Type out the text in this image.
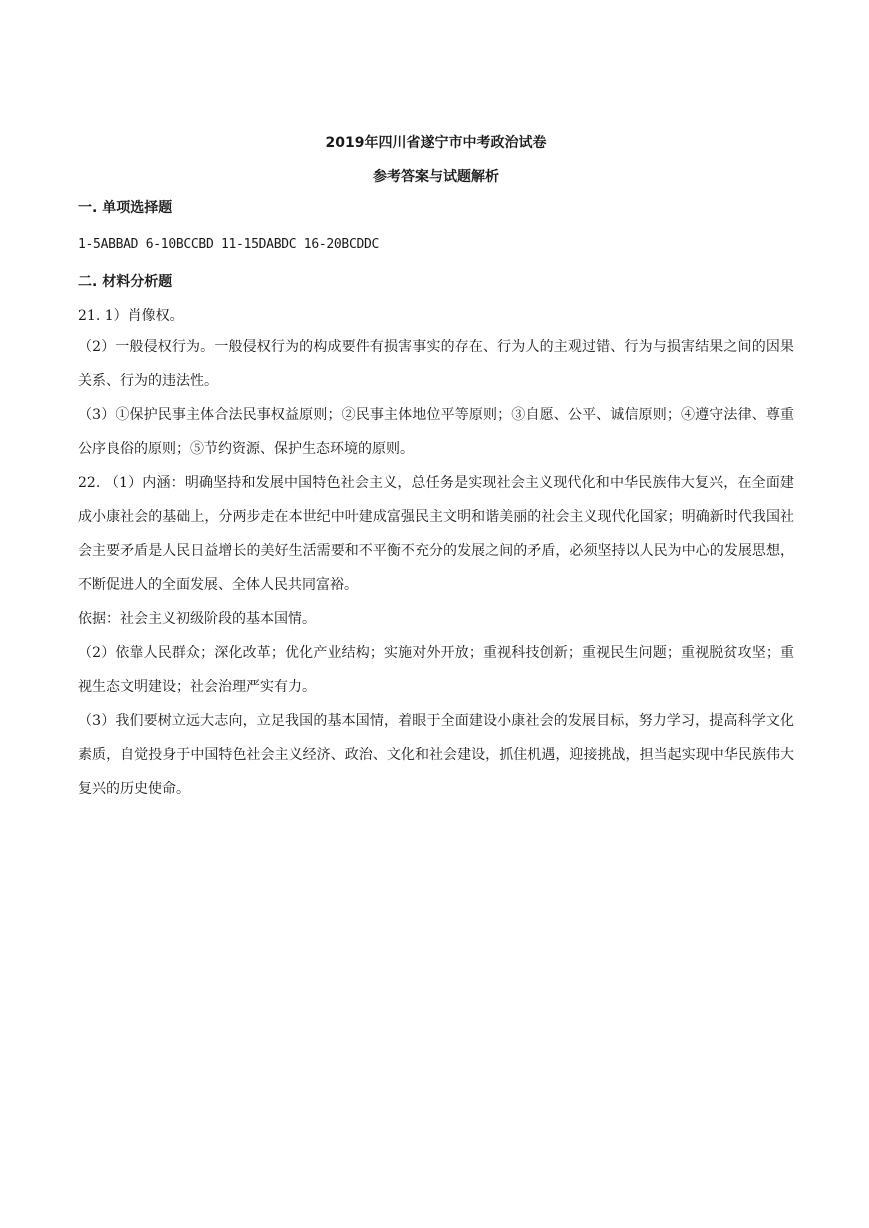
2019年四川省遂宁市中考政治试卷
参考答案与试题解析
一. 单项选择题

1-5ABBAD 6-10BCCBD 11-15DABDC 16-20BCDDC

二. 材料分析题

21. 1）肖像权。

（2）一般侵权行为。一般侵权行为的构成要件有损害事实的存在、行为人的主观过错、行为与损害结果之间的因果关系、行为的违法性。

（3）①保护民事主体合法民事权益原则；②民事主体地位平等原则；③自愿、公平、诚信原则；④遵守法律、尊重公序良俗的原则；⑤节约资源、保护生态环境的原则。

22. （1）内涵：明确坚持和发展中国特色社会主义，总任务是实现社会主义现代化和中华民族伟大复兴，在全面建成小康社会的基础上，分两步走在本世纪中叶建成富强民主文明和谐美丽的社会主义现代化国家；明确新时代我国社会主要矛盾是人民日益增长的美好生活需要和不平衡不充分的发展之间的矛盾，必须坚持以人民为中心的发展思想，不断促进人的全面发展、全体人民共同富裕。

依据：社会主义初级阶段的基本国情。

（2）依靠人民群众；深化改革；优化产业结构；实施对外开放；重视科技创新；重视民生问题；重视脱贫攻坚；重视生态文明建设；社会治理严实有力。

（3）我们要树立远大志向，立足我国的基本国情，着眼于全面建设小康社会的发展目标，努力学习，提高科学文化素质，自觉投身于中国特色社会主义经济、政治、文化和社会建设，抓住机遇，迎接挑战，担当起实现中华民族伟大复兴的历史使命。
